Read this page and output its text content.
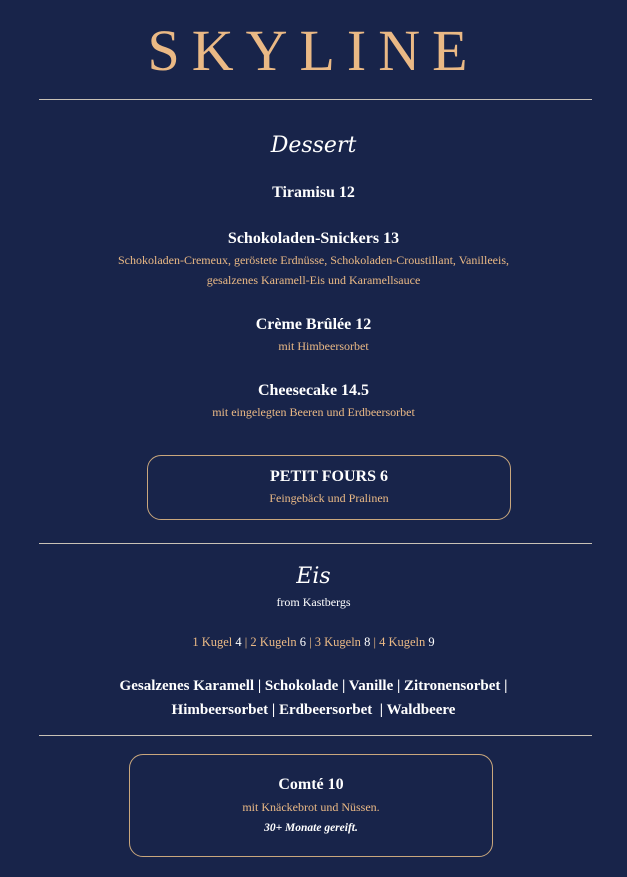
SKYLINE
Dessert
Tiramisu 12
Schokoladen-Snickers 13
Schokoladen-Cremeux, geröstete Erdnüsse, Schokoladen-Croustillant, Vanilleeis,
gesalzenes Karamell-Eis und Karamellsauce
Crème Brûlée 12
mit Himbeersorbet
Cheesecake 14.5
mit eingelegten Beeren und Erdbeersorbet
PETIT FOURS 6
Feingebäck und Pralinen
Eis
from Kastbergs
1 Kugel 4 | 2 Kugeln 6 | 3 Kugeln 8 | 4 Kugeln 9
Gesalzenes Karamell | Schokolade | Vanille | Zitronensorbet |
Himbeersorbet | Erdbeersorbet  | Waldbeere
Comté 10
mit Knäckebrot und Nüssen.
30+ Monate gereift.
